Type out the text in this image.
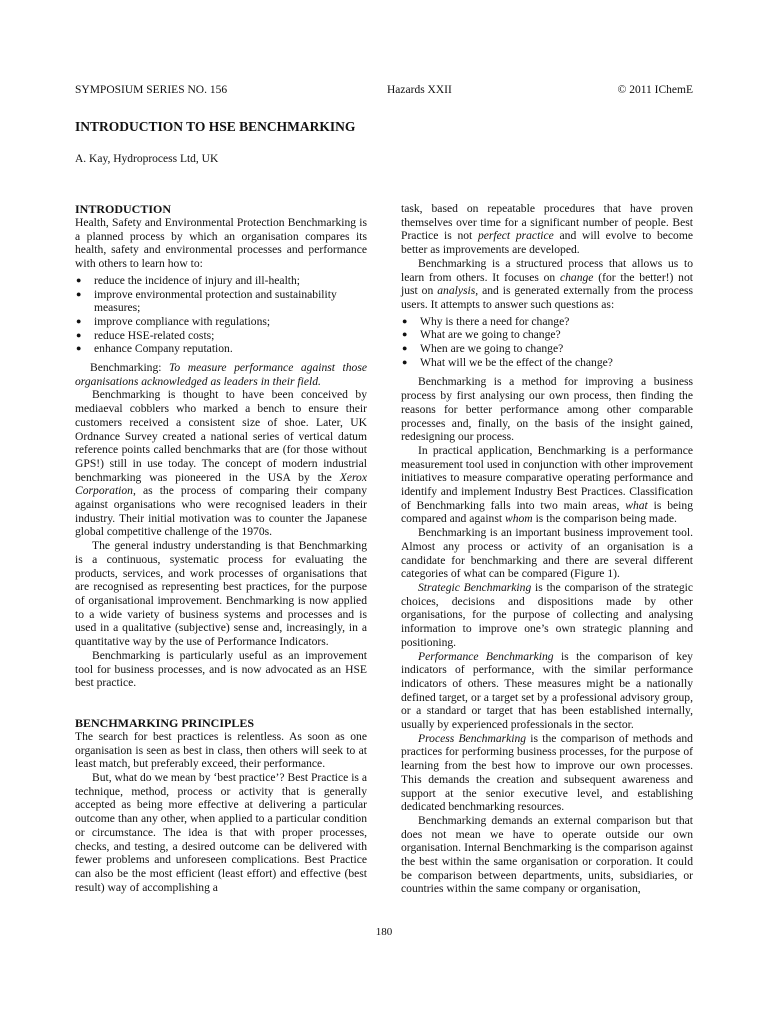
SYMPOSIUM SERIES NO. 156	Hazards XXII	© 2011 IChemE
INTRODUCTION TO HSE BENCHMARKING
A. Kay, Hydroprocess Ltd, UK
INTRODUCTION

Health, Safety and Environmental Protection Benchmarking is a planned process by which an organisation compares its health, safety and environmental processes and performance with others to learn how to:

● reduce the incidence of injury and ill-health;
● improve environmental protection and sustainability measures;
● improve compliance with regulations;
● reduce HSE-related costs;
● enhance Company reputation.

Benchmarking: To measure performance against those organisations acknowledged as leaders in their field.

Benchmarking is thought to have been conceived by mediaeval cobblers who marked a bench to ensure their customers received a consistent size of shoe. Later, UK Ordnance Survey created a national series of vertical datum reference points called benchmarks that are (for those without GPS!) still in use today. The concept of modern industrial benchmarking was pioneered in the USA by the Xerox Corporation, as the process of comparing their company against organisations who were recognised leaders in their industry. Their initial motivation was to counter the Japanese global competitive challenge of the 1970s.

The general industry understanding is that Benchmarking is a continuous, systematic process for evaluating the products, services, and work processes of organisations that are recognised as representing best practices, for the purpose of organisational improvement. Benchmarking is now applied to a wide variety of business systems and processes and is used in a qualitative (subjective) sense and, increasingly, in a quantitative way by the use of Performance Indicators.

Benchmarking is particularly useful as an improvement tool for business processes, and is now advocated as an HSE best practice.

BENCHMARKING PRINCIPLES

The search for best practices is relentless. As soon as one organisation is seen as best in class, then others will seek to at least match, but preferably exceed, their performance.

But, what do we mean by ‘best practice’? Best Practice is a technique, method, process or activity that is generally accepted as being more effective at delivering a particular outcome than any other, when applied to a particular condition or circumstance. The idea is that with proper processes, checks, and testing, a desired outcome can be delivered with fewer problems and unforeseen complications. Best Practice can also be the most efficient (least effort) and effective (best result) way of accomplishing a

task, based on repeatable procedures that have proven themselves over time for a significant number of people. Best Practice is not perfect practice and will evolve to become better as improvements are developed.

Benchmarking is a structured process that allows us to learn from others. It focuses on change (for the better!) not just on analysis, and is generated externally from the process users. It attempts to answer such questions as:

● Why is there a need for change?
● What are we going to change?
● When are we going to change?
● What will we be the effect of the change?

Benchmarking is a method for improving a business process by first analysing our own process, then finding the reasons for better performance among other comparable processes and, finally, on the basis of the insight gained, redesigning our process.

In practical application, Benchmarking is a performance measurement tool used in conjunction with other improvement initiatives to measure comparative operating performance and identify and implement Industry Best Practices. Classification of Benchmarking falls into two main areas, what is being compared and against whom is the comparison being made.

Benchmarking is an important business improvement tool. Almost any process or activity of an organisation is a candidate for benchmarking and there are several different categories of what can be compared (Figure 1).

Strategic Benchmarking is the comparison of the strategic choices, decisions and dispositions made by other organisations, for the purpose of collecting and analysing information to improve one’s own strategic planning and positioning.

Performance Benchmarking is the comparison of key indicators of performance, with the similar performance indicators of others. These measures might be a nationally defined target, or a target set by a professional advisory group, or a standard or target that has been established internally, usually by experienced professionals in the sector.

Process Benchmarking is the comparison of methods and practices for performing business processes, for the purpose of learning from the best how to improve our own processes. This demands the creation and subsequent awareness and support at the senior executive level, and establishing dedicated benchmarking resources.

Benchmarking demands an external comparison but that does not mean we have to operate outside our own organisation. Internal Benchmarking is the comparison against the best within the same organisation or corporation. It could be comparison between departments, units, subsidiaries, or countries within the same company or organisation,

180
